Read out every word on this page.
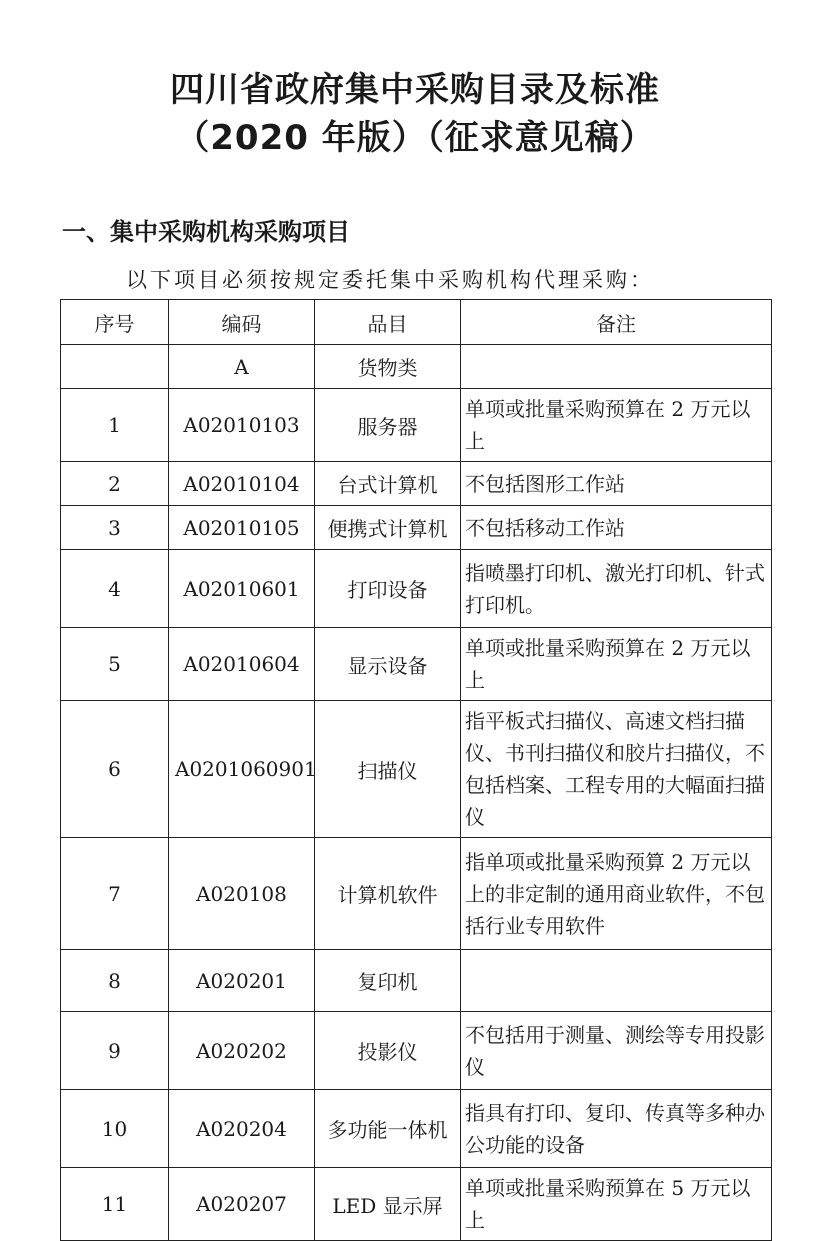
四川省政府集中采购目录及标准
（2020 年版）（征求意见稿）
一、集中采购机构采购项目
以下项目必须按规定委托集中采购机构代理采购：
序号	编码	品目	备注
	A	货物类	
1	A02010103	服务器	单项或批量采购预算在 2 万元以上
2	A02010104	台式计算机	不包括图形工作站
3	A02010105	便携式计算机	不包括移动工作站
4	A02010601	打印设备	指喷墨打印机、激光打印机、针式打印机。
5	A02010604	显示设备	单项或批量采购预算在 2 万元以上
6	A0201060901	扫描仪	指平板式扫描仪、高速文档扫描仪、书刊扫描仪和胶片扫描仪，不包括档案、工程专用的大幅面扫描仪
7	A020108	计算机软件	指单项或批量采购预算 2 万元以上的非定制的通用商业软件，不包括行业专用软件
8	A020201	复印机	
9	A020202	投影仪	不包括用于测量、测绘等专用投影仪
10	A020204	多功能一体机	指具有打印、复印、传真等多种办公功能的设备
11	A020207	LED 显示屏	单项或批量采购预算在 5 万元以上
